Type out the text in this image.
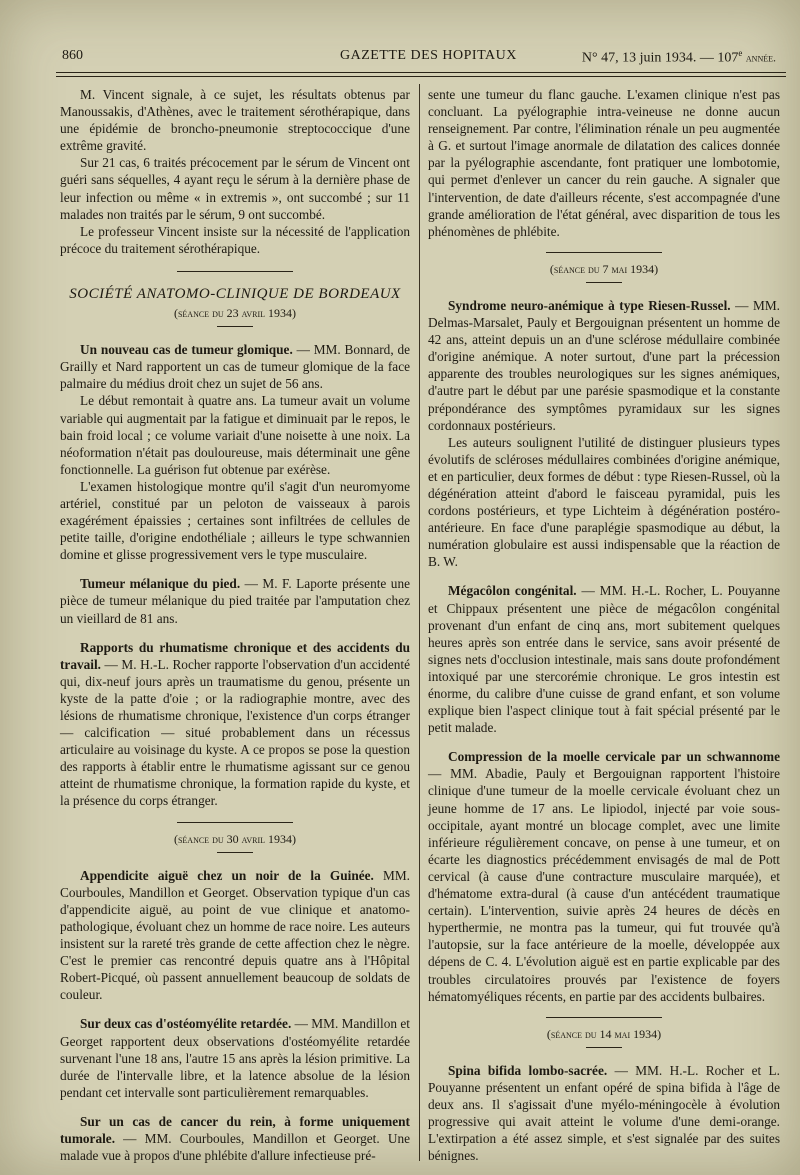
860	GAZETTE DES HOPITAUX	N° 47, 13 juin 1934. — 107e année.

M. Vincent signale, à ce sujet, les résultats obtenus par Manoussakis, d'Athènes, avec le traitement sérothérapique, dans une épidémie de broncho-pneumonie streptococcique d'une extrême gravité.

Sur 21 cas, 6 traités précocement par le sérum de Vincent ont guéri sans séquelles, 4 ayant reçu le sérum à la dernière phase de leur infection ou même « in extremis », ont succombé ; sur 11 malades non traités par le sérum, 9 ont succombé.

Le professeur Vincent insiste sur la nécessité de l'application précoce du traitement sérothérapique.

SOCIÉTÉ ANATOMO-CLINIQUE DE BORDEAUX
(séance du 23 avril 1934)

Un nouveau cas de tumeur glomique. — MM. Bonnard, de Grailly et Nard rapportent un cas de tumeur glomique de la face palmaire du médius droit chez un sujet de 56 ans.

Le début remontait à quatre ans. La tumeur avait un volume variable qui augmentait par la fatigue et diminuait par le repos, le bain froid local ; ce volume variait d'une noisette à une noix. La néoformation n'était pas douloureuse, mais déterminait une gêne fonctionnelle. La guérison fut obtenue par exérèse.

L'examen histologique montre qu'il s'agit d'un neuromyome artériel, constitué par un peloton de vaisseaux à parois exagérément épaissies ; certaines sont infiltrées de cellules de petite taille, d'origine endothéliale ; ailleurs le type schwannien domine et glisse progressivement vers le type musculaire.

Tumeur mélanique du pied. — M. F. Laporte présente une pièce de tumeur mélanique du pied traitée par l'amputation chez un vieillard de 81 ans.

Rapports du rhumatisme chronique et des accidents du travail. — M. H.-L. Rocher rapporte l'observation d'un accidenté qui, dix-neuf jours après un traumatisme du genou, présente un kyste de la patte d'oie ; or la radiographie montre, avec des lésions de rhumatisme chronique, l'existence d'un corps étranger — calcification — situé probablement dans un récessus articulaire au voisinage du kyste. A ce propos se pose la question des rapports à établir entre le rhumatisme agissant sur ce genou atteint de rhumatisme chronique, la formation rapide du kyste, et la présence du corps étranger.

(séance du 30 avril 1934)

Appendicite aiguë chez un noir de la Guinée. MM. Courboules, Mandillon et Georget. Observation typique d'un cas d'appendicite aiguë, au point de vue clinique et anatomo-pathologique, évoluant chez un homme de race noire. Les auteurs insistent sur la rareté très grande de cette affection chez le nègre. C'est le premier cas rencontré depuis quatre ans à l'Hôpital Robert-Picqué, où passent annuellement beaucoup de soldats de couleur.

Sur deux cas d'ostéomyélite retardée. — MM. Mandillon et Georget rapportent deux observations d'ostéomyélite retardée survenant l'une 18 ans, l'autre 15 ans après la lésion primitive. La durée de l'intervalle libre, et la latence absolue de la lésion pendant cet intervalle sont particulièrement remarquables.

Sur un cas de cancer du rein, à forme uniquement tumorale. — MM. Courboules, Mandillon et Georget. Une malade vue à propos d'une phlébite d'allure infectieuse pré-

sente une tumeur du flanc gauche. L'examen clinique n'est pas concluant. La pyélographie intra-veineuse ne donne aucun renseignement. Par contre, l'élimination rénale un peu augmentée à G. et surtout l'image anormale de dilatation des calices donnée par la pyélographie ascendante, font pratiquer une lombotomie, qui permet d'enlever un cancer du rein gauche. A signaler que l'intervention, de date d'ailleurs récente, s'est accompagnée d'une grande amélioration de l'état général, avec disparition de tous les phénomènes de phlébite.

(séance du 7 mai 1934)

Syndrome neuro-anémique à type Riesen-Russel. — MM. Delmas-Marsalet, Pauly et Bergouignan présentent un homme de 42 ans, atteint depuis un an d'une sclérose médullaire combinée d'origine anémique. A noter surtout, d'une part la précession apparente des troubles neurologiques sur les signes anémiques, d'autre part le début par une parésie spasmodique et la constante prépondérance des symptômes pyramidaux sur les signes cordonnaux postérieurs.

Les auteurs soulignent l'utilité de distinguer plusieurs types évolutifs de scléroses médullaires combinées d'origine anémique, et en particulier, deux formes de début : type Riesen-Russel, où la dégénération atteint d'abord le faisceau pyramidal, puis les cordons postérieurs, et type Lichteim à dégénération postéro-antérieure. En face d'une paraplégie spasmodique au début, la numération globulaire est aussi indispensable que la réaction de B. W.

Mégacôlon congénital. — MM. H.-L. Rocher, L. Pouyanne et Chippaux présentent une pièce de mégacôlon congénital provenant d'un enfant de cinq ans, mort subitement quelques heures après son entrée dans le service, sans avoir présenté de signes nets d'occlusion intestinale, mais sans doute profondément intoxiqué par une stercorémie chronique. Le gros intestin est énorme, du calibre d'une cuisse de grand enfant, et son volume explique bien l'aspect clinique tout à fait spécial présenté par le petit malade.

Compression de la moelle cervicale par un schwannome — MM. Abadie, Pauly et Bergouignan rapportent l'histoire clinique d'une tumeur de la moelle cervicale évoluant chez un jeune homme de 17 ans. Le lipiodol, injecté par voie sous-occipitale, ayant montré un blocage complet, avec une limite inférieure régulièrement concave, on pense à une tumeur, et on écarte les diagnostics précédemment envisagés de mal de Pott cervical (à cause d'une contracture musculaire marquée), et d'hématome extra-dural (à cause d'un antécédent traumatique certain). L'intervention, suivie après 24 heures de décès en hyperthermie, ne montra pas la tumeur, qui fut trouvée qu'à l'autopsie, sur la face antérieure de la moelle, développée aux dépens de C. 4. L'évolution aiguë est en partie explicable par des troubles circulatoires prouvés par l'existence de foyers hématomyéliques récents, en partie par des accidents bulbaires.

(séance du 14 mai 1934)

Spina bifida lombo-sacrée. — MM. H.-L. Rocher et L. Pouyanne présentent un enfant opéré de spina bifida à l'âge de deux ans. Il s'agissait d'une myélo-méningocèle à évolution progressive qui avait atteint le volume d'une demi-orange. L'extirpation a été assez simple, et s'est signalée par des suites bénignes.
